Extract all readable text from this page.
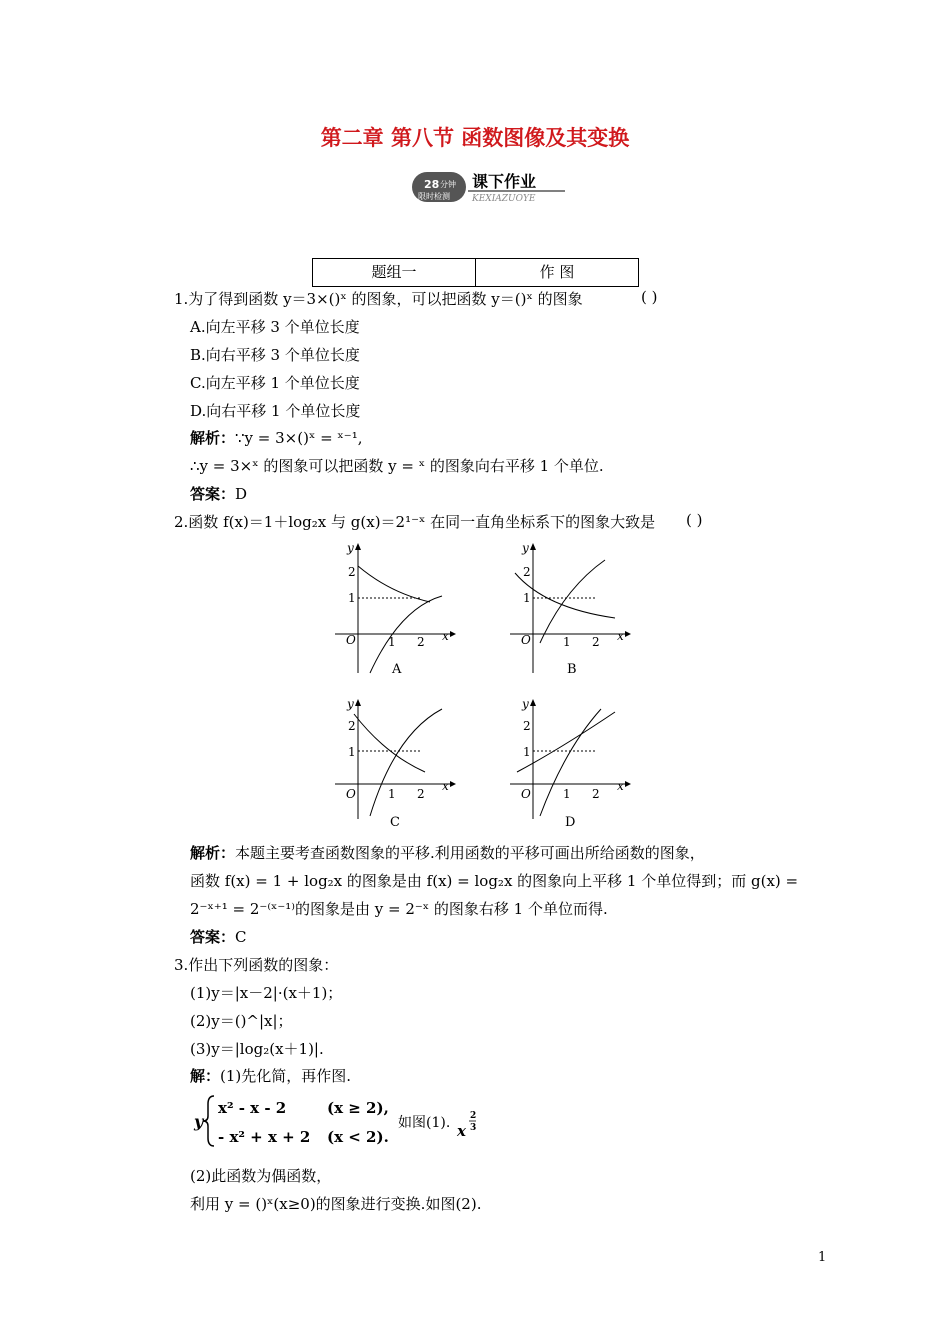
第二章 第八节 函数图像及其变换
28 分钟
限时检测
课下作业
KEXIAZUOYE
题组一	作 图
1.为了得到函数 y＝3×()ˣ 的图象，可以把函数 y＝()ˣ 的图象	( )
A.向左平移 3 个单位长度
B.向右平移 3 个单位长度
C.向左平移 1 个单位长度
D.向右平移 1 个单位长度
解析：∵y = 3×()ˣ = ˣ⁻¹,
∴y = 3×ˣ 的图象可以把函数 y = ˣ 的图象向右平移 1 个单位.
答案：D
2.函数 f(x)＝1＋log₂x 与 g(x)＝2¹⁻ˣ 在同一直角坐标系下的图象大致是 ( )
y
x
O	1 2
1
2
A
y
x
O	1 2
1
2
B
y
x
O	1 2
1
2
C
y
x
O	1 2
1
2
D
解析：本题主要考查函数图象的平移.利用函数的平移可画出所给函数的图象，
函数 f(x) = 1 + log₂x 的图象是由 f(x) = log₂x 的图象向上平移 1 个单位得到；而 g(x) =
2⁻ˣ⁺¹ = 2⁻⁽ˣ⁻¹⁾的图象是由 y = 2⁻ˣ 的图象右移 1 个单位而得.
答案：C
3.作出下列函数的图象：
(1)y＝|x－2|·(x＋1)；
(2)y＝()^|x|；
(3)y＝|log₂(x＋1)|.
解：(1)先化简，再作图.
y
x² - x - 2	(x ≥ 2),
- x² + x + 2 (x < 2).
如图(1). x
2
3
(2)此函数为偶函数，
利用 y = ()ˣ(x≥0)的图象进行变换.如图(2).
1
